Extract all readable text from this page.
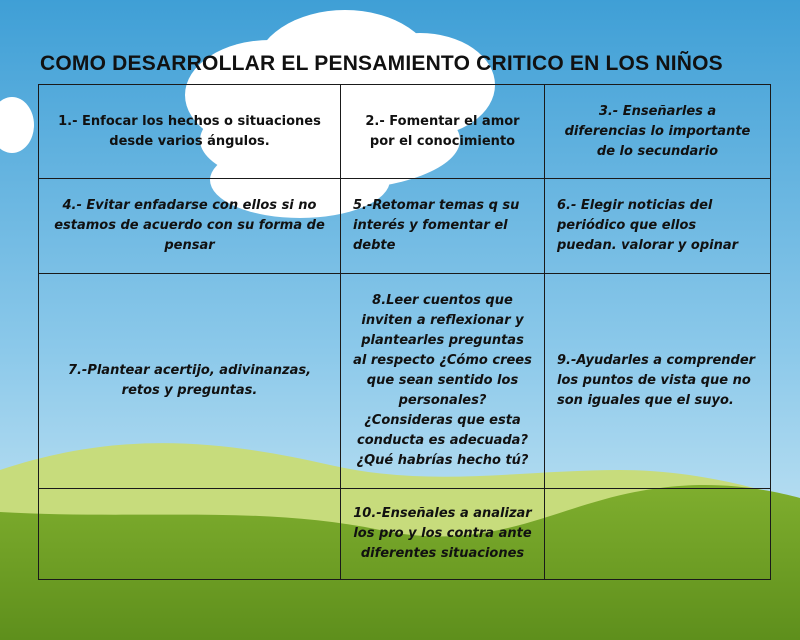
COMO DESARROLLAR EL PENSAMIENTO CRITICO EN LOS NIÑOS
1.- Enfocar los hechos o situaciones desde varios ángulos.	2.- Fomentar el amor por el conocimiento	3.- Enseñarles a diferencias lo importante de lo secundario
4.- Evitar enfadarse con ellos si no estamos de acuerdo con su forma de pensar	5.-Retomar temas q su interés y fomentar el debte	6.- Elegir noticias del periódico que ellos puedan. valorar y opinar
7.-Plantear acertijo, adivinanzas, retos y preguntas.	8.Leer cuentos que inviten a reflexionar y plantearles preguntas al respecto ¿Cómo crees que sean sentido los personales? ¿Consideras que esta conducta es adecuada? ¿Qué habrías hecho tú?	9.-Ayudarles a comprender los puntos de vista que no son iguales que el suyo.
	10.-Enseñales a analizar los pro y los contra ante diferentes situaciones	
